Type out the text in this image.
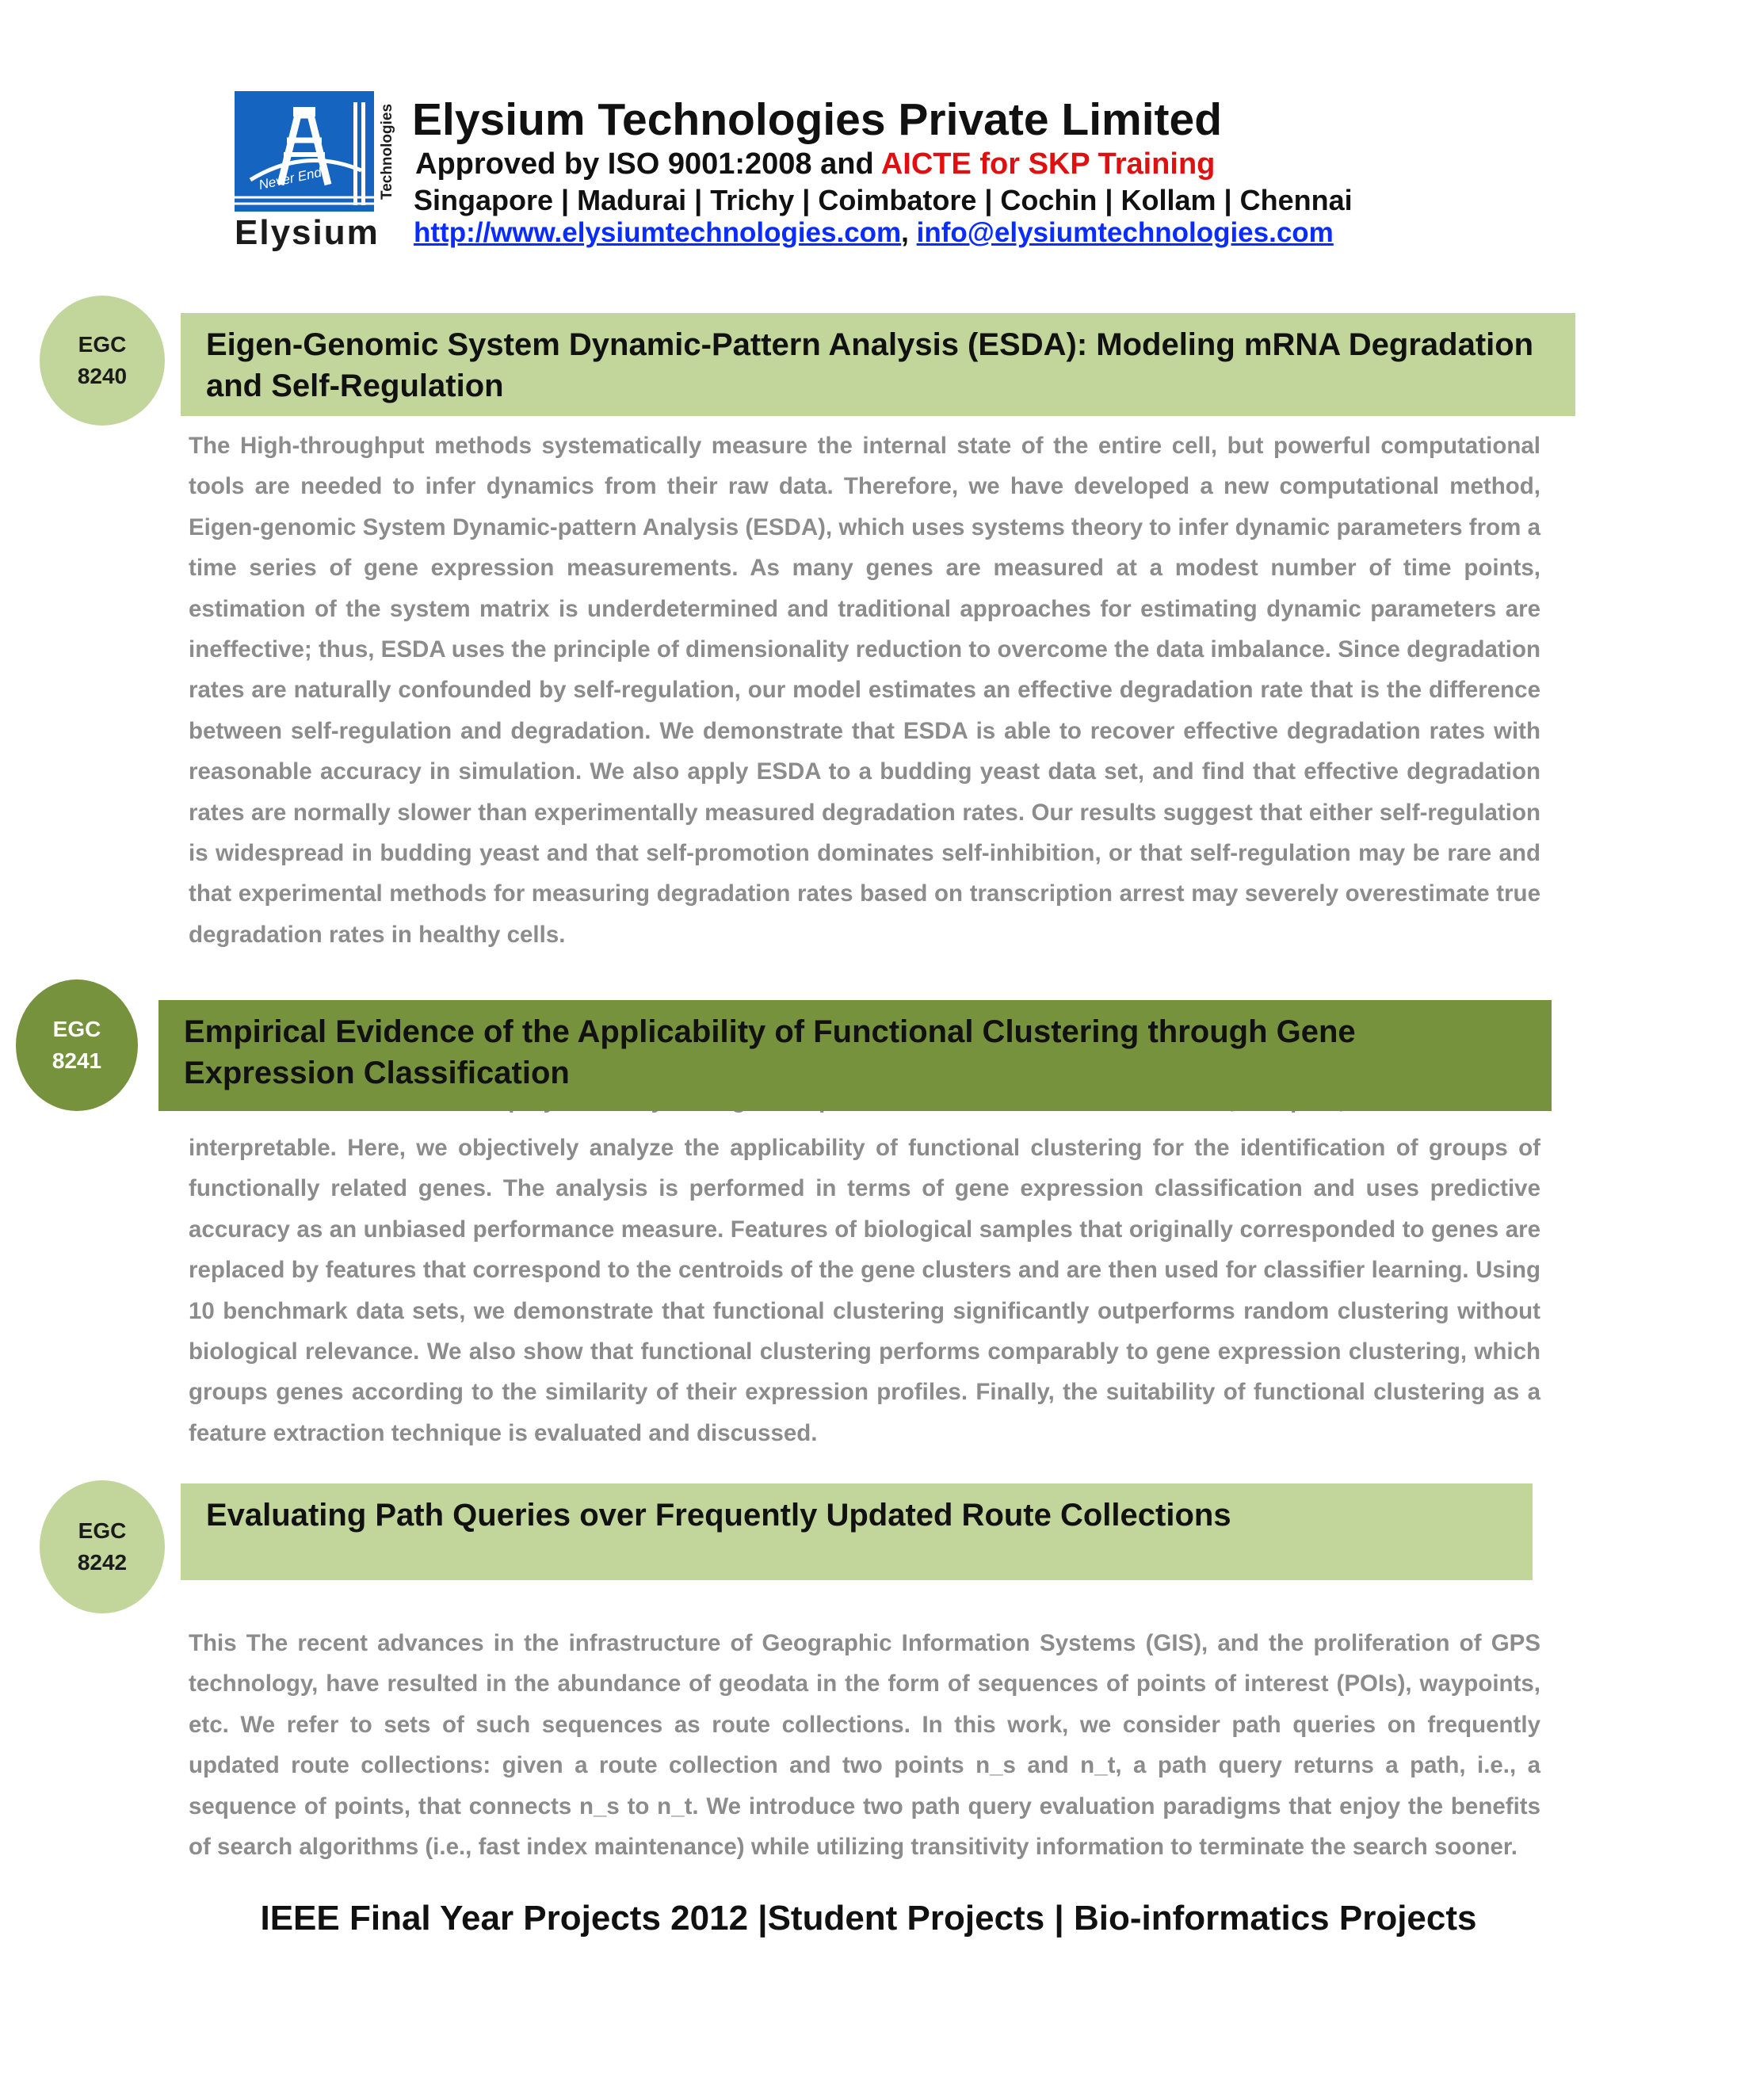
Never Ends	Technologies
Elysium
Elysium Technologies Private Limited
Approved by ISO 9001:2008 and AICTE for SKP Training
Singapore | Madurai | Trichy | Coimbatore | Cochin | Kollam | Chennai
http://www.elysiumtechnologies.com, info@elysiumtechnologies.com
EGC
8240
Eigen-Genomic System Dynamic-Pattern Analysis (ESDA): Modeling mRNA Degradation and Self-Regulation

The High-throughput methods systematically measure the internal state of the entire cell, but powerful computational tools are needed to infer dynamics from their raw data. Therefore, we have developed a new computational method, Eigen-genomic System Dynamic-pattern Analysis (ESDA), which uses systems theory to infer dynamic parameters from a time series of gene expression measurements. As many genes are measured at a modest number of time points, estimation of the system matrix is underdetermined and traditional approaches for estimating dynamic parameters are ineffective; thus, ESDA uses the principle of dimensionality reduction to overcome the data imbalance. Since degradation rates are naturally confounded by self-regulation, our model estimates an effective degradation rate that is the difference between self-regulation and degradation. We demonstrate that ESDA is able to recover effective degradation rates with reasonable accuracy in simulation. We also apply ESDA to a budding yeast data set, and find that effective degradation rates are normally slower than experimentally measured degradation rates. Our results suggest that either self-regulation is widespread in budding yeast and that self-promotion dominates self-inhibition, or that self-regulation may be rare and that experimental methods for measuring degradation rates based on transcription arrest may severely overestimate true degradation rates in healthy cells.

EGC
8241
Empirical Evidence of the Applicability of Functional Clustering through Gene Expression Classification

interpretable. Here, we objectively analyze the applicability of functional clustering for the identification of groups of functionally related genes. The analysis is performed in terms of gene expression classification and uses predictive accuracy as an unbiased performance measure. Features of biological samples that originally corresponded to genes are replaced by features that correspond to the centroids of the gene clusters and are then used for classifier learning. Using 10 benchmark data sets, we demonstrate that functional clustering significantly outperforms random clustering without biological relevance. We also show that functional clustering performs comparably to gene expression clustering, which groups genes according to the similarity of their expression profiles. Finally, the suitability of functional clustering as a feature extraction technique is evaluated and discussed.

EGC
8242
Evaluating Path Queries over Frequently Updated Route Collections

This The recent advances in the infrastructure of Geographic Information Systems (GIS), and the proliferation of GPS technology, have resulted in the abundance of geodata in the form of sequences of points of interest (POIs), waypoints, etc. We refer to sets of such sequences as route collections. In this work, we consider path queries on frequently updated route collections: given a route collection and two points n_s and n_t, a path query returns a path, i.e., a sequence of points, that connects n_s to n_t. We introduce two path query evaluation paradigms that enjoy the benefits of search algorithms (i.e., fast index maintenance) while utilizing transitivity information to terminate the search sooner.

IEEE Final Year Projects 2012 |Student Projects | Bio-informatics Projects
